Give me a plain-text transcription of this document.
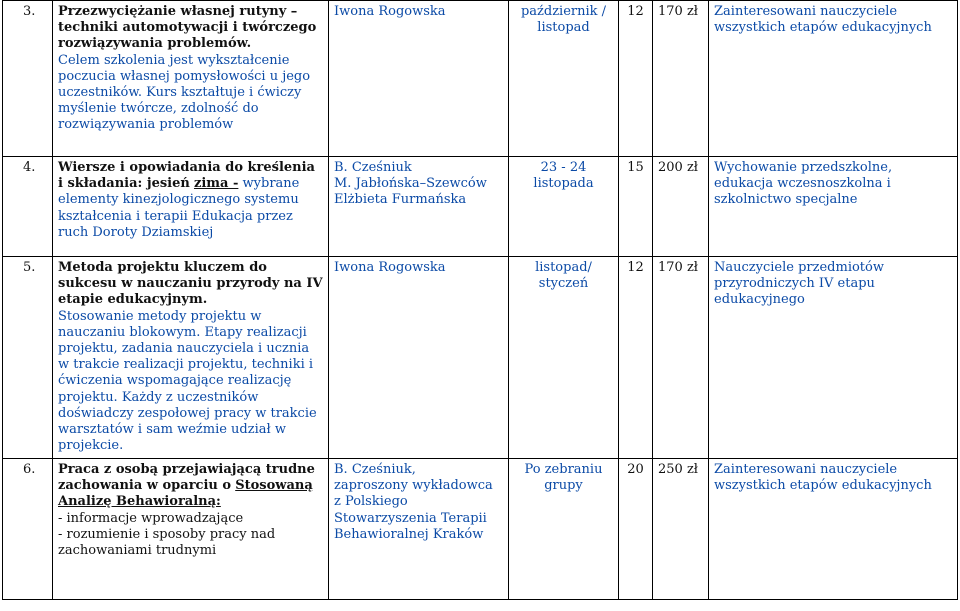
3.	Przezwyciężanie własnej rutyny – techniki automotywacji i twórczego rozwiązywania problemów.
Celem szkolenia jest wykształcenie poczucia własnej pomysłowości u jego uczestników. Kurs kształtuje i ćwiczy myślenie twórcze, zdolność do rozwiązywania problemów	Iwona Rogowska	październik / listopad	12	170 zł	Zainteresowani nauczyciele wszystkich etapów edukacyjnych
4.	Wiersze i opowiadania do kreślenia i składania: jesień zima - wybrane elementy kinezjologicznego systemu kształcenia i terapii Edukacja przez ruch Doroty Dziamskiej	B. Cześniuk
M. Jabłońska–Szewców
Elżbieta Furmańska	23 - 24 listopada	15	200 zł	Wychowanie przedszkolne, edukacja wczesnoszkolna i szkolnictwo specjalne
5.	Metoda projektu kluczem do sukcesu w nauczaniu przyrody na IV etapie edukacyjnym.
Stosowanie metody projektu w nauczaniu blokowym. Etapy realizacji projektu, zadania nauczyciela i ucznia w trakcie realizacji projektu, techniki i ćwiczenia wspomagające realizację projektu. Każdy z uczestników doświadczy zespołowej pracy w trakcie warsztatów i sam weźmie udział w projekcie.	Iwona Rogowska	listopad/ styczeń	12	170 zł	Nauczyciele przedmiotów przyrodniczych IV etapu edukacyjnego
6.	Praca z osobą przejawiającą trudne zachowania w oparciu o Stosowaną Analizę Behawioralną:
- informacje wprowadzające
- rozumienie i sposoby pracy nad zachowaniami trudnymi	B. Cześniuk,
zaproszony wykładowca
z Polskiego
Stowarzyszenia Terapii
Behawioralnej Kraków	Po zebraniu grupy	20	250 zł	Zainteresowani nauczyciele wszystkich etapów edukacyjnych
